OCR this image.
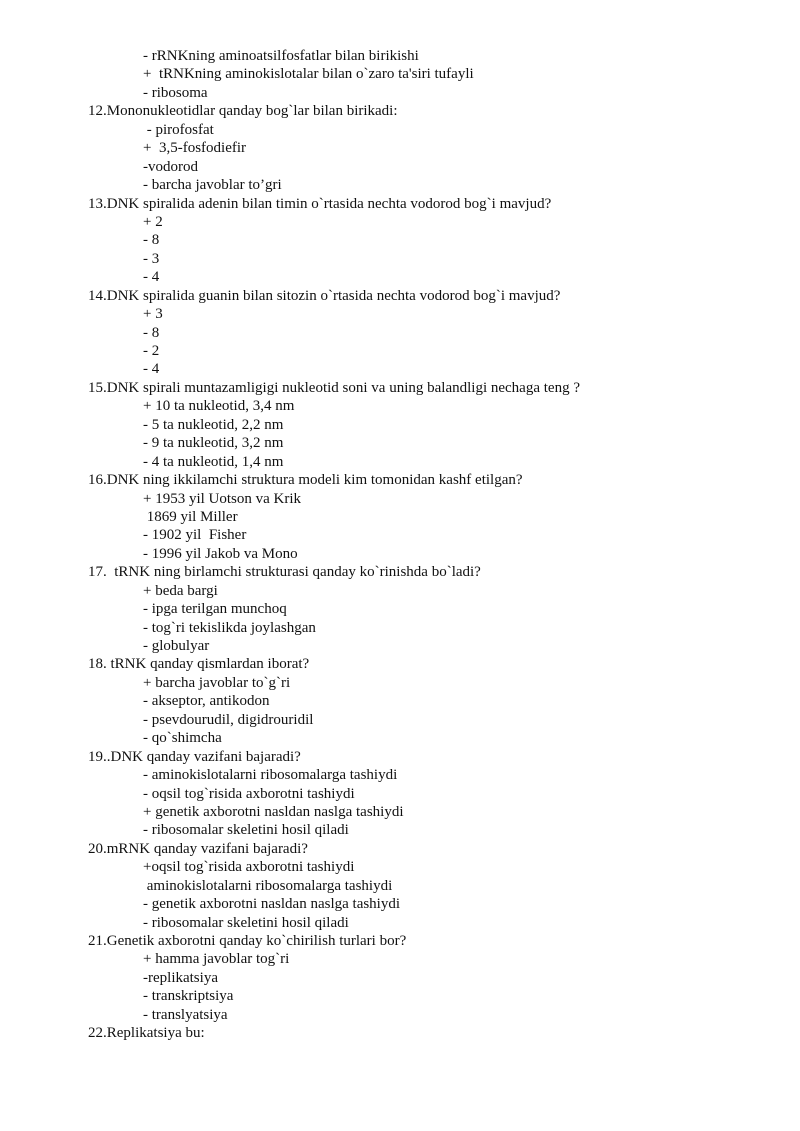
- rRNKning aminoatsilfosfatlar bilan birikishi
+  tRNKning aminokislotalar bilan o`zaro ta'siri tufayli
- ribosoma
12.Mononukleotidlar qanday bog`lar bilan birikadi:
- pirofosfat
+  3,5-fosfodiefir
-vodorod
- barcha javoblar to’gri
13.DNK spiralida adenin bilan timin o`rtasida nechta vodorod bog`i mavjud?
+ 2
- 8
- 3
- 4
14.DNK spiralida guanin bilan sitozin o`rtasida nechta vodorod bog`i mavjud?
+ 3
- 8
- 2
- 4
15.DNK spirali muntazamligigi nukleotid soni va uning balandligi nechaga teng ?
+ 10 ta nukleotid, 3,4 nm
- 5 ta nukleotid, 2,2 nm
- 9 ta nukleotid, 3,2 nm
- 4 ta nukleotid, 1,4 nm
16.DNK ning ikkilamchi struktura modeli kim tomonidan kashf etilgan?
+ 1953 yil Uotson va Krik
1869 yil Miller
- 1902 yil  Fisher
- 1996 yil Jakob va Mono
17.  tRNK ning birlamchi strukturasi qanday ko`rinishda bo`ladi?
+ beda bargi
- ipga terilgan munchoq
- tog`ri tekislikda joylashgan
- globulyar
18. tRNK qanday qismlardan iborat?
+ barcha javoblar to`g`ri
- akseptor, antikodon
- psevdourudil, digidrouridil
- qo`shimcha
19..DNK qanday vazifani bajaradi?
- aminokislotalarni ribosomalarga tashiydi
- oqsil tog`risida axborotni tashiydi
+ genetik axborotni nasldan naslga tashiydi
- ribosomalar skeletini hosil qiladi
20.mRNK qanday vazifani bajaradi?
+oqsil tog`risida axborotni tashiydi
aminokislotalarni ribosomalarga tashiydi
- genetik axborotni nasldan naslga tashiydi
- ribosomalar skeletini hosil qiladi
21.Genetik axborotni qanday ko`chirilish turlari bor?
+ hamma javoblar tog`ri
-replikatsiya
- transkriptsiya
- translyatsiya
22.Replikatsiya bu:
